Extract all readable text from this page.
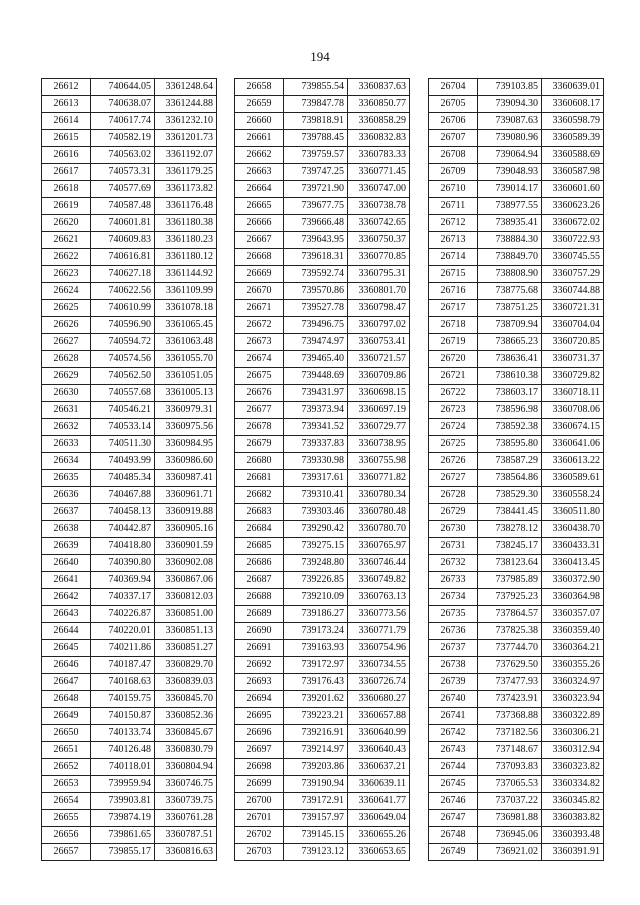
194
26612	740644.05	3361248.64
26613	740638.07	3361244.88
26614	740617.74	3361232.10
26615	740582.19	3361201.73
26616	740563.02	3361192.07
26617	740573.31	3361179.25
26618	740577.69	3361173.82
26619	740587.48	3361176.48
26620	740601.81	3361180.38
26621	740609.83	3361180.23
26622	740616.81	3361180.12
26623	740627.18	3361144.92
26624	740622.56	3361109.99
26625	740610.99	3361078.18
26626	740596.90	3361065.45
26627	740594.72	3361063.48
26628	740574.56	3361055.70
26629	740562.50	3361051.05
26630	740557.68	3361005.13
26631	740546.21	3360979.31
26632	740533.14	3360975.56
26633	740511.30	3360984.95
26634	740493.99	3360986.60
26635	740485.34	3360987.41
26636	740467.88	3360961.71
26637	740458.13	3360919.88
26638	740442.87	3360905.16
26639	740418.80	3360901.59
26640	740390.80	3360902.08
26641	740369.94	3360867.06
26642	740337.17	3360812.03
26643	740226.87	3360851.00
26644	740220.01	3360851.13
26645	740211.86	3360851.27
26646	740187.47	3360829.70
26647	740168.63	3360839.03
26648	740159.75	3360845.70
26649	740150.87	3360852.36
26650	740133.74	3360845.67
26651	740126.48	3360830.79
26652	740118.01	3360804.94
26653	739959.94	3360746.75
26654	739903.81	3360739.75
26655	739874.19	3360761.28
26656	739861.65	3360787.51
26657	739855.17	3360816.63
26658	739855.54	3360837.63
26659	739847.78	3360850.77
26660	739818.91	3360858.29
26661	739788.45	3360832.83
26662	739759.57	3360783.33
26663	739747.25	3360771.45
26664	739721.90	3360747.00
26665	739677.75	3360738.78
26666	739666.48	3360742.65
26667	739643.95	3360750.37
26668	739618.31	3360770.85
26669	739592.74	3360795.31
26670	739570.86	3360801.70
26671	739527.78	3360798.47
26672	739496.75	3360797.02
26673	739474.97	3360753.41
26674	739465.40	3360721.57
26675	739448.69	3360709.86
26676	739431.97	3360698.15
26677	739373.94	3360697.19
26678	739341.52	3360729.77
26679	739337.83	3360738.95
26680	739330.98	3360755.98
26681	739317.61	3360771.82
26682	739310.41	3360780.34
26683	739303.46	3360780.48
26684	739290.42	3360780.70
26685	739275.15	3360765.97
26686	739248.80	3360746.44
26687	739226.85	3360749.82
26688	739210.09	3360763.13
26689	739186.27	3360773.56
26690	739173.24	3360771.79
26691	739163.93	3360754.96
26692	739172.97	3360734.55
26693	739176.43	3360726.74
26694	739201.62	3360680.27
26695	739223.21	3360657.88
26696	739216.91	3360640.99
26697	739214.97	3360640.43
26698	739203.86	3360637.21
26699	739190.94	3360639.11
26700	739172.91	3360641.77
26701	739157.97	3360649.04
26702	739145.15	3360655.26
26703	739123.12	3360653.65
26704	739103.85	3360639.01
26705	739094.30	3360608.17
26706	739087.63	3360598.79
26707	739080.96	3360589.39
26708	739064.94	3360588.69
26709	739048.93	3360587.98
26710	739014.17	3360601.60
26711	738977.55	3360623.26
26712	738935.41	3360672.02
26713	738884.30	3360722.93
26714	738849.70	3360745.55
26715	738808.90	3360757.29
26716	738775.68	3360744.88
26717	738751.25	3360721.31
26718	738709.94	3360704.04
26719	738665.23	3360720.85
26720	738636.41	3360731.37
26721	738610.38	3360729.82
26722	738603.17	3360718.11
26723	738596.98	3360708.06
26724	738592.38	3360674.15
26725	738595.80	3360641.06
26726	738587.29	3360613.22
26727	738564.86	3360589.61
26728	738529.30	3360558.24
26729	738441.45	3360511.80
26730	738278.12	3360438.70
26731	738245.17	3360433.31
26732	738123.64	3360413.45
26733	737985.89	3360372.90
26734	737925.23	3360364.98
26735	737864.57	3360357.07
26736	737825.38	3360359.40
26737	737744.70	3360364.21
26738	737629.50	3360355.26
26739	737477.93	3360324.97
26740	737423.91	3360323.94
26741	737368.88	3360322.89
26742	737182.56	3360306.21
26743	737148.67	3360312.94
26744	737093.83	3360323.82
26745	737065.53	3360334.82
26746	737037.22	3360345.82
26747	736981.88	3360383.82
26748	736945.06	3360393.48
26749	736921.02	3360391.91
